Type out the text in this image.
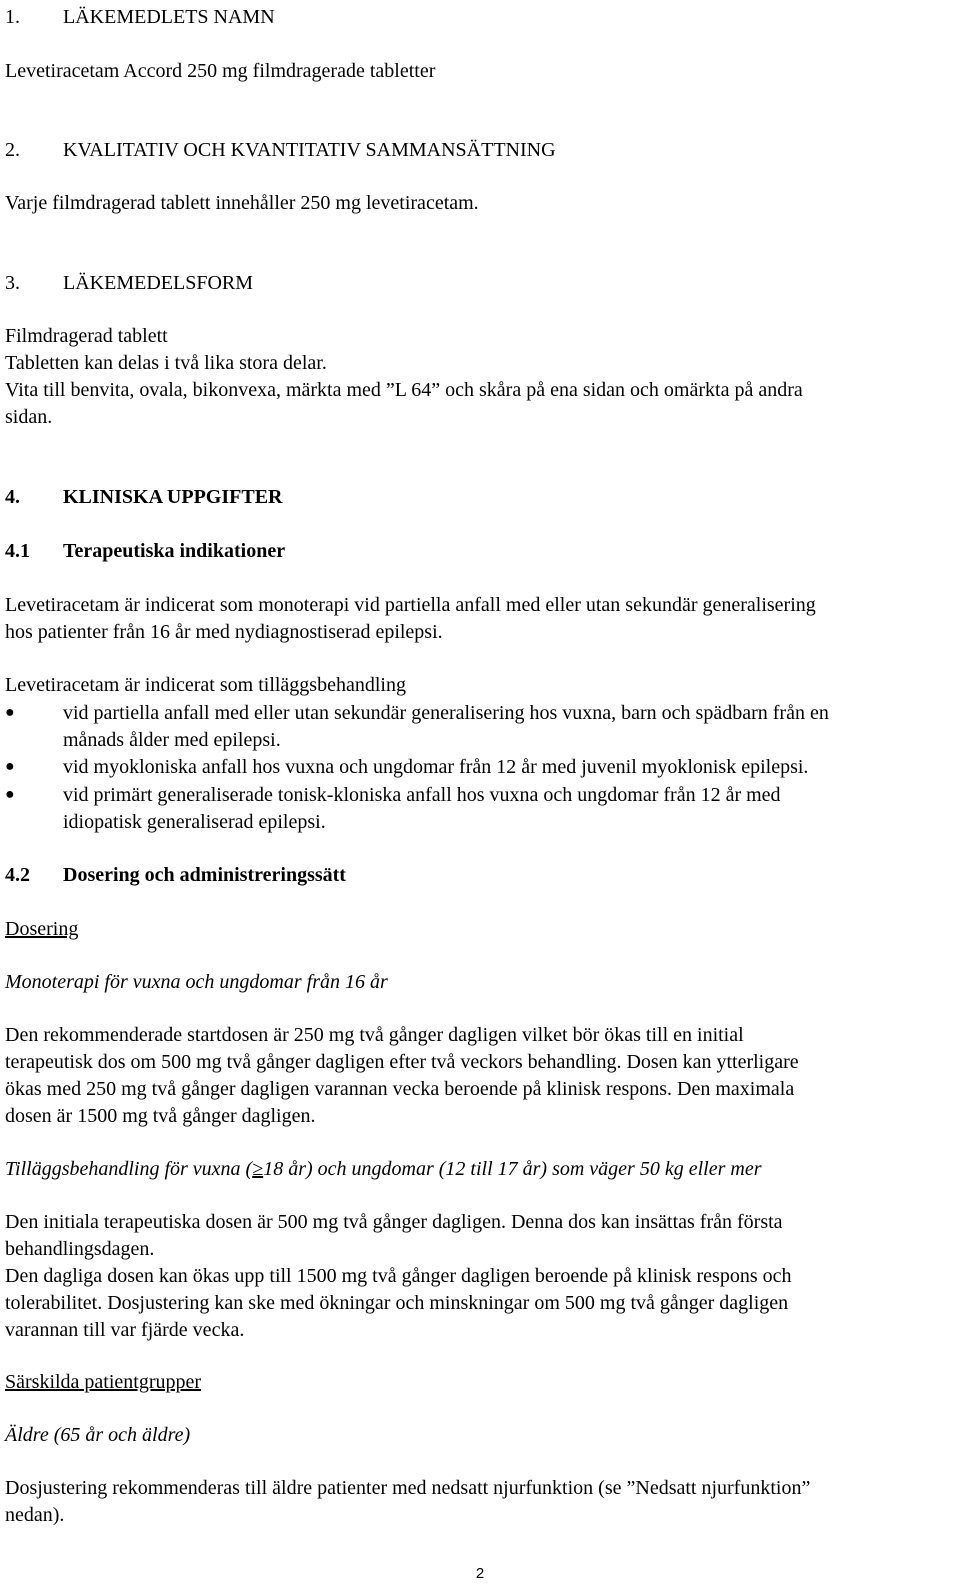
1. LÄKEMEDLETS NAMN
Levetiracetam Accord 250 mg filmdragerade tabletter
2. KVALITATIV OCH KVANTITATIV SAMMANSÄTTNING
Varje filmdragerad tablett innehåller 250 mg levetiracetam.
3. LÄKEMEDELSFORM
Filmdragerad tablett
Tabletten kan delas i två lika stora delar.
Vita till benvita, ovala, bikonvexa, märkta med ”L 64” och skåra på ena sidan och omärkta på andra
sidan.
4. KLINISKA UPPGIFTER
4.1 Terapeutiska indikationer
Levetiracetam är indicerat som monoterapi vid partiella anfall med eller utan sekundär generalisering
hos patienter från 16 år med nydiagnostiserad epilepsi.
Levetiracetam är indicerat som tilläggsbehandling
● vid partiella anfall med eller utan sekundär generalisering hos vuxna, barn och spädbarn från en
månads ålder med epilepsi.
● vid myokloniska anfall hos vuxna och ungdomar från 12 år med juvenil myoklonisk epilepsi.
● vid primärt generaliserade tonisk-kloniska anfall hos vuxna och ungdomar från 12 år med
idiopatisk generaliserad epilepsi.
4.2 Dosering och administreringssätt
Dosering
Monoterapi för vuxna och ungdomar från 16 år
Den rekommenderade startdosen är 250 mg två gånger dagligen vilket bör ökas till en initial
terapeutisk dos om 500 mg två gånger dagligen efter två veckors behandling. Dosen kan ytterligare
ökas med 250 mg två gånger dagligen varannan vecka beroende på klinisk respons. Den maximala
dosen är 1500 mg två gånger dagligen.
Tilläggsbehandling för vuxna (≥18 år) och ungdomar (12 till 17 år) som väger 50 kg eller mer
Den initiala terapeutiska dosen är 500 mg två gånger dagligen. Denna dos kan insättas från första
behandlingsdagen.
Den dagliga dosen kan ökas upp till 1500 mg två gånger dagligen beroende på klinisk respons och
tolerabilitet. Dosjustering kan ske med ökningar och minskningar om 500 mg två gånger dagligen
varannan till var fjärde vecka.
Särskilda patientgrupper
Äldre (65 år och äldre)
Dosjustering rekommenderas till äldre patienter med nedsatt njurfunktion (se ”Nedsatt njurfunktion”
nedan).
2
